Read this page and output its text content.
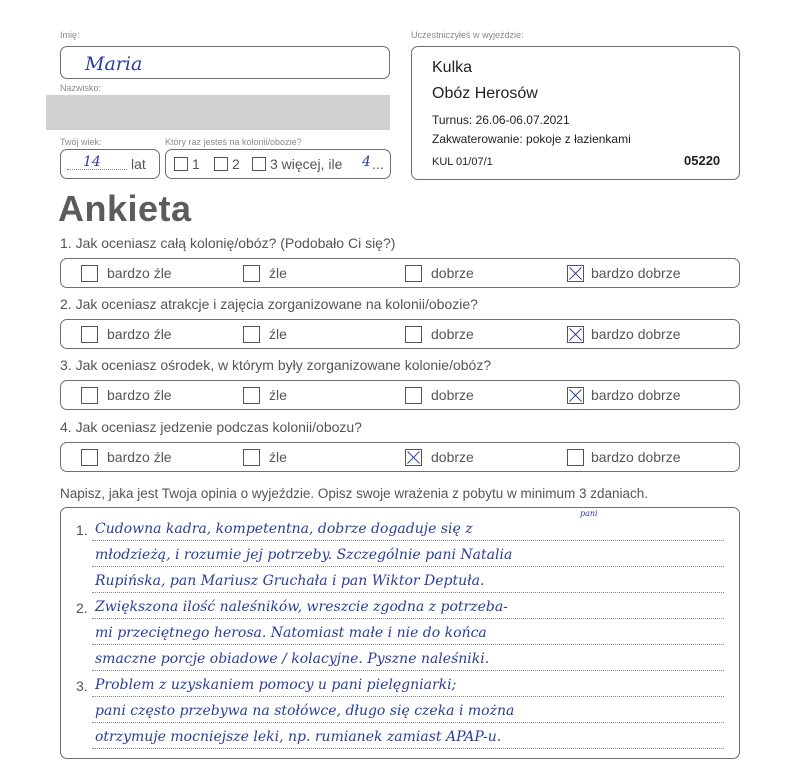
Imię:
Maria
Nazwisko:
Twój wiek:
14 lat
Który raz jesteś na kolonii/obozie?
1 2 3 więcej, ile 4 ...
Uczestniczyłeś w wyjeździe:
Kulka
Obóz Herosów
Turnus: 26.06-06.07.2021
Zakwaterowanie: pokoje z łazienkami
KUL 01/07/1	05220
Ankieta
1. Jak oceniasz całą kolonię/obóz? (Podobało Ci się?)
bardzo źle	źle	dobrze	bardzo dobrze
2. Jak oceniasz atrakcje i zajęcia zorganizowane na kolonii/obozie?
bardzo źle	źle	dobrze	bardzo dobrze
3. Jak oceniasz ośrodek, w którym były zorganizowane kolonie/obóz?
bardzo źle	źle	dobrze	bardzo dobrze
4. Jak oceniasz jedzenie podczas kolonii/obozu?
bardzo źle	źle	dobrze	bardzo dobrze
Napisz, jaka jest Twoja opinia o wyjeździe. Opisz swoje wrażenia z pobytu w minimum 3 zdaniach.
1.
pani
Cudowna kadra, kompetentna, dobrze dogaduje się z
młodzieżą, i rozumie jej potrzeby. Szczególnie pani Natalia
Rupińska, pan Mariusz Gruchała i pan Wiktor Deptuła.
2. Zwiększona ilość naleśników, wreszcie zgodna z potrzeba-
mi przeciętnego herosa. Natomiast małe i nie do końca
smaczne porcje obiadowe / kolacyjne. Pyszne naleśniki.
3. Problem z uzyskaniem pomocy u pani pielęgniarki;
pani często przebywa na stołówce, długo się czeka i można
otrzymuje mocniejsze leki, np. rumianek zamiast APAP-u.
